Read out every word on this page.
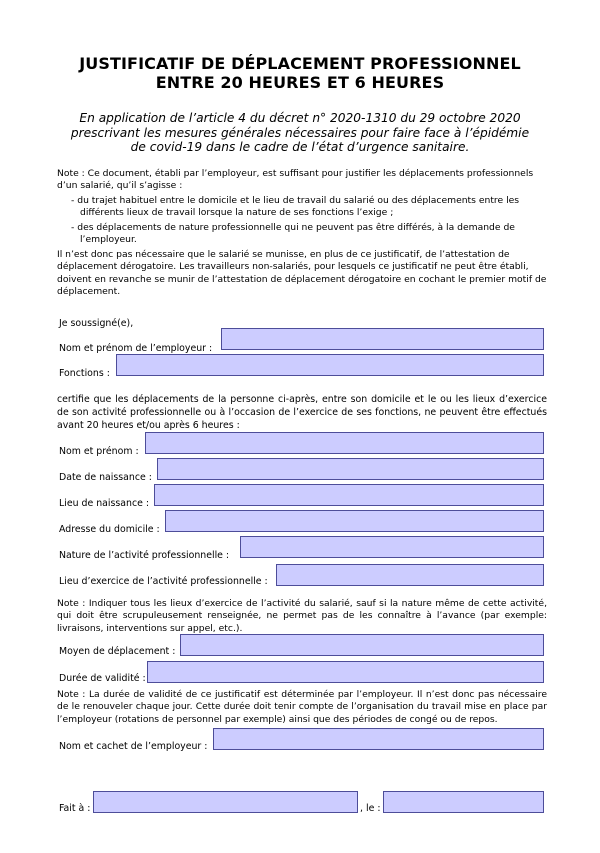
JUSTIFICATIF DE DÉPLACEMENT PROFESSIONNEL
ENTRE 20 HEURES ET 6 HEURES
En application de l’article 4 du décret n° 2020-1310 du 29 octobre 2020
prescrivant les mesures générales nécessaires pour faire face à l’épidémie
de covid-19 dans le cadre de l’état d’urgence sanitaire.
Note : Ce document, établi par l’employeur, est suffisant pour justifier les déplacements professionnels d’un salarié, qu’il s’agisse :
- du trajet habituel entre le domicile et le lieu de travail du salarié ou des déplacements entre les différents lieux de travail lorsque la nature de ses fonctions l’exige ;
- des déplacements de nature professionnelle qui ne peuvent pas être différés, à la demande de l’employeur.
Il n’est donc pas nécessaire que le salarié se munisse, en plus de ce justificatif, de l’attestation de déplacement dérogatoire. Les travailleurs non-salariés, pour lesquels ce justificatif ne peut être établi, doivent en revanche se munir de l’attestation de déplacement dérogatoire en cochant le premier motif de déplacement.
Je soussigné(e),
Nom et prénom de l’employeur :
Fonctions :
certifie que les déplacements de la personne ci-après, entre son domicile et le ou les lieux d’exercice de son activité professionnelle ou à l’occasion de l’exercice de ses fonctions, ne peuvent être effectués avant 20 heures et/ou après 6 heures :
Nom et prénom :
Date de naissance :
Lieu de naissance :
Adresse du domicile :
Nature de l’activité professionnelle :
Lieu d’exercice de l’activité professionnelle :
Note : Indiquer tous les lieux d’exercice de l’activité du salarié, sauf si la nature même de cette activité, qui doit être scrupuleusement renseignée, ne permet pas de les connaître à l’avance (par exemple: livraisons, interventions sur appel, etc.).
Moyen de déplacement :
Durée de validité :
Note : La durée de validité de ce justificatif est déterminée par l’employeur. Il n’est donc pas nécessaire de le renouveler chaque jour. Cette durée doit tenir compte de l’organisation du travail mise en place par l’employeur (rotations de personnel par exemple) ainsi que des périodes de congé ou de repos.
Nom et cachet de l’employeur :
Fait à :	, le :
